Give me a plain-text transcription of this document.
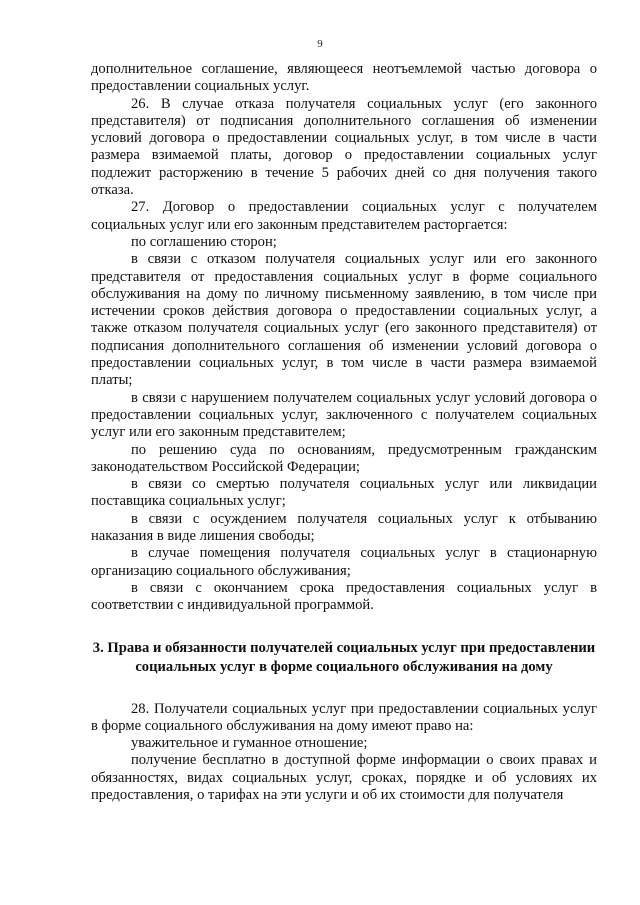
9

дополнительное соглашение, являющееся неотъемлемой частью договора о предоставлении социальных услуг.

26. В случае отказа получателя социальных услуг (его законного представителя) от подписания дополнительного соглашения об изменении условий договора о предоставлении социальных услуг, в том числе в части размера взимаемой платы, договор о предоставлении социальных услуг подлежит расторжению в течение 5 рабочих дней со дня получения такого отказа.

27. Договор о предоставлении социальных услуг с получателем социальных услуг или его законным представителем расторгается:

по соглашению сторон;

в связи с отказом получателя социальных услуг или его законного представителя от предоставления социальных услуг в форме социального обслуживания на дому по личному письменному заявлению, в том числе при истечении сроков действия договора о предоставлении социальных услуг, а также отказом получателя социальных услуг (его законного представителя) от подписания дополнительного соглашения об изменении условий договора о предоставлении социальных услуг, в том числе в части размера взимаемой платы;

в связи с нарушением получателем социальных услуг условий договора о предоставлении социальных услуг, заключенного с получателем социальных услуг или его законным представителем;

по решению суда по основаниям, предусмотренным гражданским законодательством Российской Федерации;

в связи со смертью получателя социальных услуг или ликвидации поставщика социальных услуг;

в связи с осуждением получателя социальных услуг к отбыванию наказания в виде лишения свободы;

в случае помещения получателя социальных услуг в стационарную организацию социального обслуживания;

в связи с окончанием срока предоставления социальных услуг в соответствии с индивидуальной программой.

3. Права и обязанности получателей социальных услуг при предоставлении социальных услуг в форме социального обслуживания на дому

28. Получатели социальных услуг при предоставлении социальных услуг в форме социального обслуживания на дому имеют право на:

уважительное и гуманное отношение;

получение бесплатно в доступной форме информации о своих правах и обязанностях, видах социальных услуг, сроках, порядке и об условиях их предоставления, о тарифах на эти услуги и об их стоимости для получателя
